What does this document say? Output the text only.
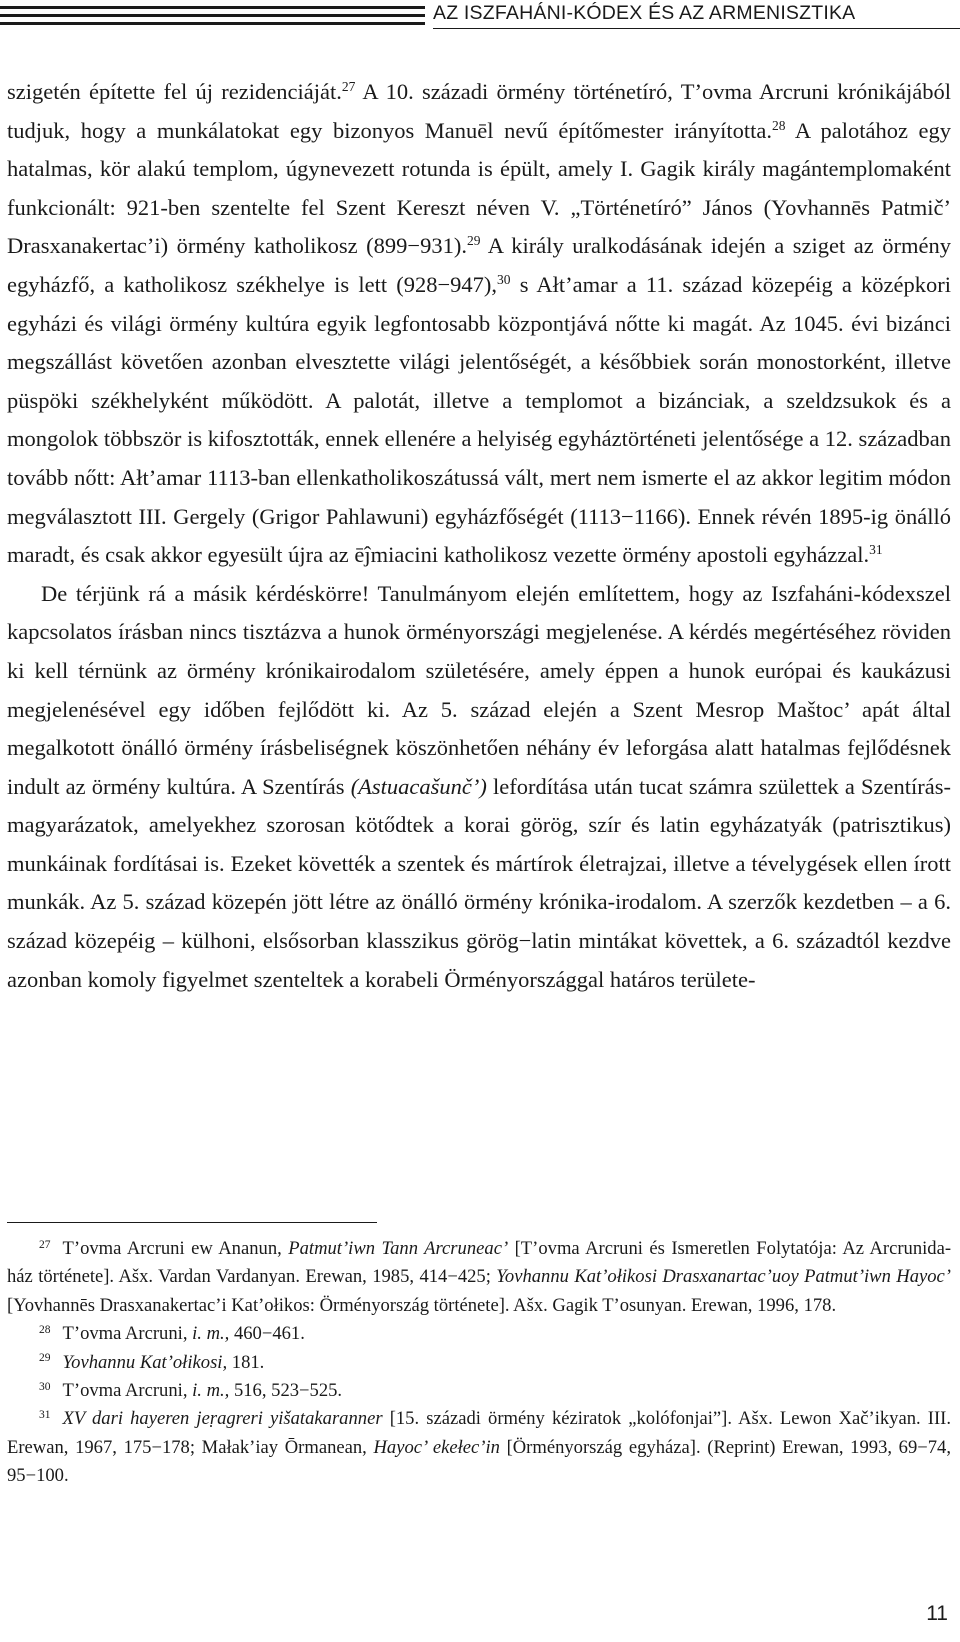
AZ ISZFAHÁNI-KÓDEX ÉS AZ ARMENISZTIKA

szigetén építette fel új rezidenciáját.$^{27}$ A 10. századi örmény történetíró, T’ovma Arcruni krónikájából tudjuk, hogy a munkálatokat egy bizonyos Manuēl nevű építőmester irányította.$^{28}$ A palotához egy hatalmas, kör alakú templom, úgynevezett rotunda is épült, amely I. Gagik király magántemplomaként funkcionált: 921-ben szentelte fel Szent Kereszt néven V. „Történetíró” János (Yovhannēs Patmič’ Drasxanakertac’i) örmény katholikosz (899−931).$^{29}$ A király uralkodásának idején a sziget az örmény egyházfő, a katholikosz székhelye is lett (928−947),$^{30}$ s Ałt’amar a 11. század közepéig a középkori egyházi és világi örmény kultúra egyik legfontosabb központjává nőtte ki magát. Az 1045. évi bizánci megszállást követően azonban elvesztette világi jelentőségét, a későbbiek során monostorként, illetve püspöki székhelyként működött. A palotát, illetve a templomot a bizánciak, a szeldzsukok és a mongolok többször is kifosztották, ennek ellenére a helyiség egyháztörténeti jelentősége a 12. században tovább nőtt: Ałt’amar 1113-ban ellenkatholikoszátussá vált, mert nem ismerte el az akkor legitim módon megválasztott III. Gergely (Grigor Pahlawuni) egyházfőségét (1113−1166). Ennek révén 1895-ig önálló maradt, és csak akkor egyesült újra az ēĵmiacini katholikosz vezette örmény apostoli egyházzal.$^{31}$

De térjünk rá a másik kérdéskörre! Tanulmányom elején említettem, hogy az Iszfaháni-kódexszel kapcsolatos írásban nincs tisztázva a hunok örményországi megjelenése. A kérdés megértéséhez röviden ki kell térnünk az örmény krónikairodalom születésére, amely éppen a hunok európai és kaukázusi megjelenésével egy időben fejlődött ki. Az 5. század elején a Szent Mesrop Maštoc’ apát által megalkotott önálló örmény írásbeliségnek köszönhetően néhány év leforgása alatt hatalmas fejlődésnek indult az örmény kultúra. A Szentírás (Astuacašunč’) lefordítása után tucat számra születtek a Szentírás-magyarázatok, amelyekhez szorosan kötődtek a korai görög, szír és latin egyházatyák (patrisztikus) munkáinak fordításai is. Ezeket követték a szentek és mártírok életrajzai, illetve a tévelygések ellen írott munkák. Az 5. század közepén jött létre az önálló örmény krónika-irodalom. A szerzők kezdetben – a 6. század közepéig – külhoni, elsősorban klasszikus görög−latin mintákat követtek, a 6. századtól kezdve azonban komoly figyelmet szenteltek a korabeli Örményországgal határos területe-

$^{27}$ T’ovma Arcruni ew Ananun, Patmut’iwn Tann Arcruneac’ [T’ovma Arcruni és Ismeretlen Folytatója: Az Arcrunida-ház története]. Ašx. Vardan Vardanyan. Erewan, 1985, 414−425; Yovhannu Kat’ołikosi Drasxanartac’uoy Patmut’iwn Hayoc’ [Yovhannēs Drasxanakertac’i Kat’ołikos: Örményország története]. Ašx. Gagik T’osunyan. Erewan, 1996, 178.

$^{28}$ T’ovma Arcruni, i. m., 460−461.

$^{29}$ Yovhannu Kat’ołikosi, 181.

$^{30}$ T’ovma Arcruni, i. m., 516, 523−525.

$^{31}$ XV dari hayeren jeṛagreri yišatakaranner [15. századi örmény kéziratok „kolófonjai”]. Ašx. Lewon Xač’ikyan. III. Erewan, 1967, 175−178; Małak’iay Ōrmanean, Hayoc’ ekełec’in [Örményország egyháza]. (Reprint) Erewan, 1993, 69−74, 95−100.

11
